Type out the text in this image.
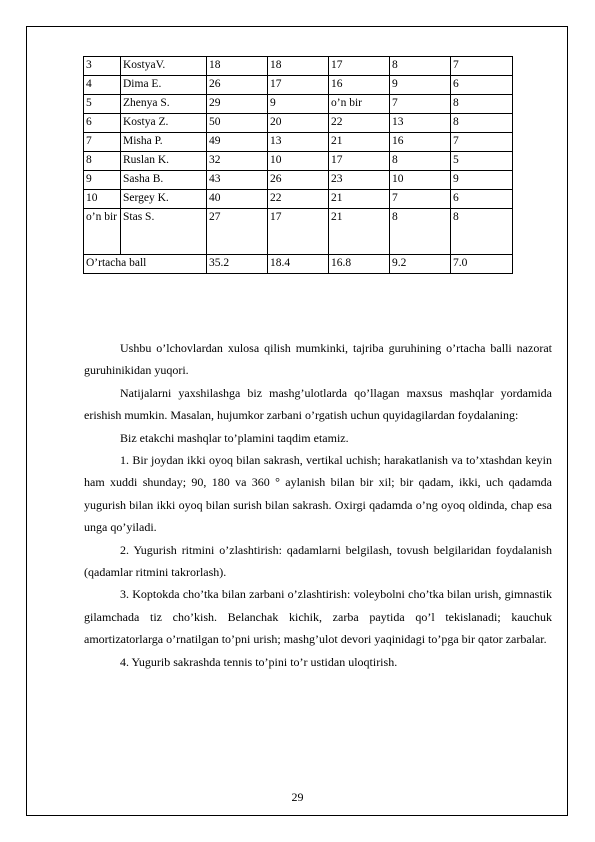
3	KostyaV.	18	18	17	8	7
4	Dima E.	26	17	16	9	6
5	Zhenya S.	29	9	o’n bir	7	8
6	Kostya Z.	50	20	22	13	8
7	Misha P.	49	13	21	16	7
8	Ruslan K.	32	10	17	8	5
9	Sasha B.	43	26	23	10	9
10	Sergey K.	40	22	21	7	6
o’n bir	Stas S.	27	17	21	8	8
O’rtacha ball		35.2	18.4	16.8	9.2	7.0

Ushbu o’lchovlardan xulosa qilish mumkinki, tajriba guruhining o’rtacha balli nazorat guruhinikidan yuqori.

Natijalarni yaxshilashga biz mashg’ulotlarda qo’llagan maxsus mashqlar yordamida erishish mumkin. Masalan, hujumkor zarbani o’rgatish uchun quyidagilardan foydalaning:

Biz etakchi mashqlar to’plamini taqdim etamiz.

1. Bir joydan ikki oyoq bilan sakrash, vertikal uchish; harakatlanish va to’xtashdan keyin ham xuddi shunday; 90, 180 va 360 ° aylanish bilan bir xil; bir qadam, ikki, uch qadamda yugurish bilan ikki oyoq bilan surish bilan sakrash. Oxirgi qadamda o’ng oyoq oldinda, chap esa unga qo’yiladi.

2. Yugurish ritmini o’zlashtirish: qadamlarni belgilash, tovush belgilaridan foydalanish (qadamlar ritmini takrorlash).

3. Koptokda cho’tka bilan zarbani o’zlashtirish: voleybolni cho’tka bilan urish, gimnastik gilamchada tiz cho’kish. Belanchak kichik, zarba paytida qo’l tekislanadi; kauchuk amortizatorlarga o’rnatilgan to’pni urish; mashg’ulot devori yaqinidagi to’pga bir qator zarbalar.

4. Yugurib sakrashda tennis to’pini to’r ustidan uloqtirish.

29
